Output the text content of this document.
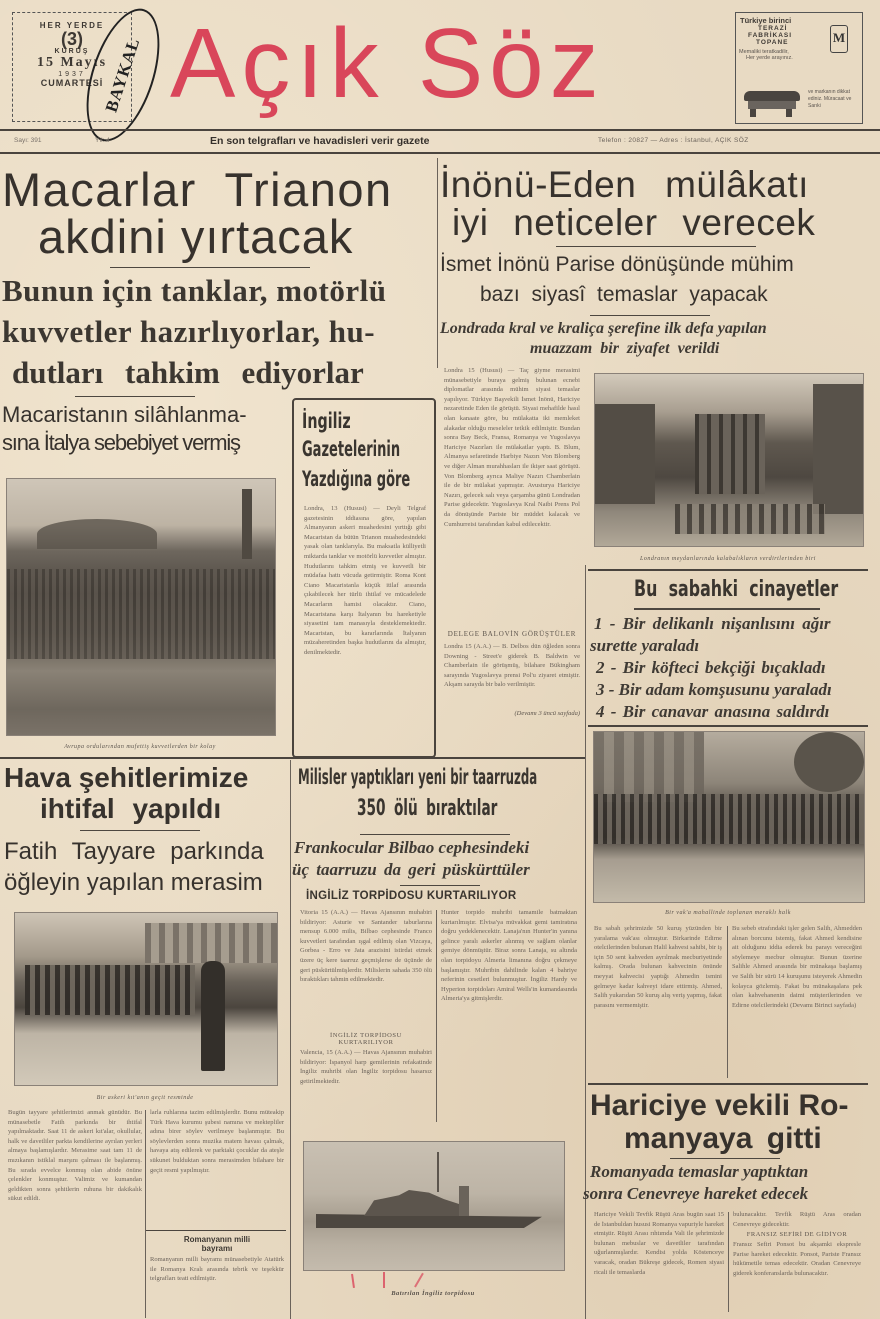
HER YERDE
(3)
KURUŞ
15 Mayıs
1937
CUMARTESİ
BAYKAL Açık Söz	Türkiye birinci
TERAZİ
FABRİKASI
TOPANE
Memaliki teratkadilir,
Her yerde arayınız.
M
ve markanın dikkat ediniz. Müracaat ve Sarıki
Sayı: 391	Yıl: 4	En son telgrafları ve havadisleri verir gazete	Telefon : 20827 — Adres : İstanbul, AÇIK SÖZ
Macarlar Trianon
akdini yırtacak
Bunun için tanklar, motörlü
kuvvetler hazırlıyorlar, hu-
dutları tahkim ediyorlar
Macaristanın silâhlanma-
sına İtalya sebebiyet vermiş
Avrupa ordularından mufettiş kuvvetlerden bir kolay
İngiliz
Gazetelerinin
Yazdığına göre
Londra, 13 (Hususi) — Deyli Telgraf gazetesinin iddiasına göre, yapılan Almanyanın askeri muahedesini yırttığı gibi Macaristan da bütün Trianon muahedesindeki yasak olan tanklarıyla. Bu maksatla külliyetli miktarda tanklar ve motörlü kuvvetler almıştır. Hudutlarını tahkim etmiş ve kuvvetli bir müdafaa hattı vücuda getirmiştir. Roma Kont Ciano Macaristanla küçük itilaf arasında çıkabilecek her türlü ihtilaf ve mücadelede Macarların hamisi olacaktır. Ciano, Macaristana karşı İtalyanın bu hareketiyle siyasetini tam manasıyla desteklemektedir. Macaristan, bu kararlarında İtalyanın müzaheretinden başka hudutlarını da almıştır, denilmektedir.
İnönü-Eden mülâkatı
iyi neticeler verecek
İsmet İnönü Parise dönüşünde mühim
bazı siyasî temaslar yapacak
Londrada kral ve kraliça şerefine ilk defa yapılan
muazzam bir ziyafet verildi
Londra 15 (Hususi) — Taç giyme merasimi münasebetiyle buraya gelmiş bulunan ecnebi diplomatlar arasında mühim siyasi temaslar yapılıyor. Türkiye Başvekili İsmet İnönü, Hariciye nezaretinde Eden ile görüştü. Siyasi mehafilde hasıl olan kanaate göre, bu mülakatta iki memleket alakadar olduğu meseleler tetkik edilmiştir. Bundan sonra Bay Beck, Fransa, Romanya ve Yugoslavya Hariciye Nazırları ile mülakatlar yaptı. B. Blum, Almanya sefaretinde Harbiye Nazırı Von Blomberg ve diğer Alman murahhasları ile ikişer saat görüştü. Von Blomberg ayrıca Maliye Nazırı Chamberlain ile de bir mülakat yapmıştır. Avusturya Hariciye Nazırı, gelecek salı veya çarşamba günü Londradan Parise gidecektir. Yugoslavya Kral Naibi Prens Pol da dönüşünde Pariste bir müddet kalacak ve Cumhurreisi tarafından kabul edilecektir.
DELEGE BALOVİN GÖRÜŞTÜLER
Londra 15 (A.A.) — B. Delbos dün öğleden sonra Downing - Street'e giderek B. Baldwin ve Chamberlain ile görüşmüş, bilahare Bükingham sarayında Yugoslavya prensi Pol'u ziyaret etmiştir. Akşam sarayda bir balo verilmiştir.
(Devamı 3 üncü sayfada)
Londranın meydanlarında kalabalıkların verdirtlerinden biri
Bu sabahki cinayetler
1 - Bir delikanlı nişanlısını ağır
surette yaraladı
2 - Bir köfteci bekçiği bıçakladı
3 - Bir adam komşusunu yaraladı
4 - Bir canavar anasına saldırdı
Bir vak'a mahallinde toplanan meraklı halk
Bu sabah şehrimizde 50 kuruş yüzünden bir yaralama vak'ası olmuştur. Birkarinde Edirne otelcilerinden bulunan Halil kahvesi sahibi, bir iş için 50 sent kahveden ayrılmak mecburiyetinde kalmış. Orada bulunan kahvecinin önünde meyyat kahvecisi yaptığı Ahmedin ismini gelmeye kadar kahveyi idare ettirmiş. Ahmed, Salih yukarıdan 50 kuruş alış veriş yapmış, fakat parasını vermemiştir.
Bu sebeb etrafındaki işler gelen Salih, Ahmedden alınan borcunu istemiş, fakat Ahmed kendisine ait olduğunu iddia ederek bu parayı vereceğini söylemeye mecbur olmuştur. Bunun üzerine Salihle Ahmed arasında bir münakaşa başlamış ve Salih bir sürü 14 kuruşunu isteyerek Ahmedin kolayca gözlemiş. Fakat bu münakaşalara pek olan kahvehanenin daimi müşterilerinden ve Edirne otelcilerindeki (Devamı Birinci sayfada)
Hariciye vekili Ro-
manyaya gitti
Romanyada temaslar yaptıktan
sonra Cenevreye hareket edecek
Hariciye Vekili Tevfik Rüştü Aras bugün saat 15 de İstanbuldan hususi Romanya vapuriyle hareket etmiştir. Rüştü Arası rıhtımda Vali ile şehrimizde bulunan mebuslar ve davetliler tarafından uğurlanmışlardır. Kendisi yolda Köstenceye varacak, oradan Bükreşe gidecek, Romen siyasi ricali ile temaslarda
bulunacaktır. Tevfik Rüştü Aras oradan Cenevreye gidecektir.
FRANSIZ SEFİRİ DE GİDİYOR
Fransız Sefiri Ponsot bu akşamki ekspresle Parise hareket edecektir. Ponsot, Pariste Fransız hükümetile temas edecektir. Oradan Cenevreye giderek konferanslarda bulunacaktır.
Hava şehitlerimize
ihtifal yapıldı
Fatih Tayyare parkında
öğleyin yapılan merasim
Bir askeri kıt'anın geçit resminde
Bugün tayyare şehitlerimizi anmak günüdür. Bu münasebetle Fatih parkında bir ihtifal yapılmaktadır. Saat 11 de askeri kıt'alar, okullular, halk ve davetliler parkta kendilerine ayrılan yerleri almaya başlamışlardır. Merasime saat tam 11 de mızıkanın istiklal marşını çalması ile başlanmış. Bu sırada evvelce konmuş olan abide önüne çelenkler konmuştur. Valimiz ve kumandan geldikten sonra şehitlerin ruhuna bir dakikalık sükut edildi.
larla ruhlarına tazim edilmişlerdir. Bunu müteakip Türk Hava kurumu şubesi namına ve mektepliler adına birer söylev verilmeye başlanmıştır. Bu söylevlerden sonra muzika matem havası çalmak, havaya atış edilerek ve parktaki çocuklar da ateşle sükunet bulduktan sonra merasimden bilahare bir geçit resmi yapılmıştır.
Romanyanın milli
bayramı
Romanyanın milli bayramı münasebetiyle Atatürk ile Romanya Kralı arasında tebrik ve teşekkür telgrafları teati edilmiştir.
Milisler yaptıkları yeni bir taarruzda
350 ölü bıraktılar
Frankocular Bilbao cephesindeki
üç taarruzu da geri püskürttüler
İNGİLİZ TORPİDOSU KURTARILIYOR
Vitoria 15 (A.A.) — Havas Ajansının muhabiri bildiriyor: Asturie ve Santander taburlarına mensup 6.000 milis, Bilbao cephesinde Franco kuvvetleri tarafından ışgal edilmiş olan Vizcaya, Gorbea - Erro ve Jata arazisini istirdat etmek üzere üç kere taarruz geçmişlerse de üçünde de geri püskürtülmüşlerdir. Milislerin sahada 350 ölü bıraktıkları tahmin edilmektedir.
İNGİLİZ TORPİDOSU KURTARILIYOR
Valencia, 15 (A.A.) — Havas Ajansının muhabiri bildiriyor: İspanyol harp gemilerinin refakatinde İngiliz muhribi olan İngiliz torpidosu hasarsız getirilmektedir.
Hunter torpido muhribi tamamile batmaktan kurtarılmıştır. Elvisa'ya müvakkat gemi tamiratına doğru yedeklenecektir. Lanaja'nın Hunter'in yanına gelince yaralı askerler alınmış ve sağlam olanlar gemiye dönmüştür. Biraz sonra Lanaja, su altında olan torpidoyu Almeria limanına doğru çekmeye başlamıştır. Muhribin dahilinde kalan 4 bahriye neferinin cesetleri bulunmuştur. İngiliz Hardy ve Hyperion torpidoları Amiral Wells'in kumandasında Almeria'ya gitmişlerdir.
Batırılan İngiliz torpidosu
